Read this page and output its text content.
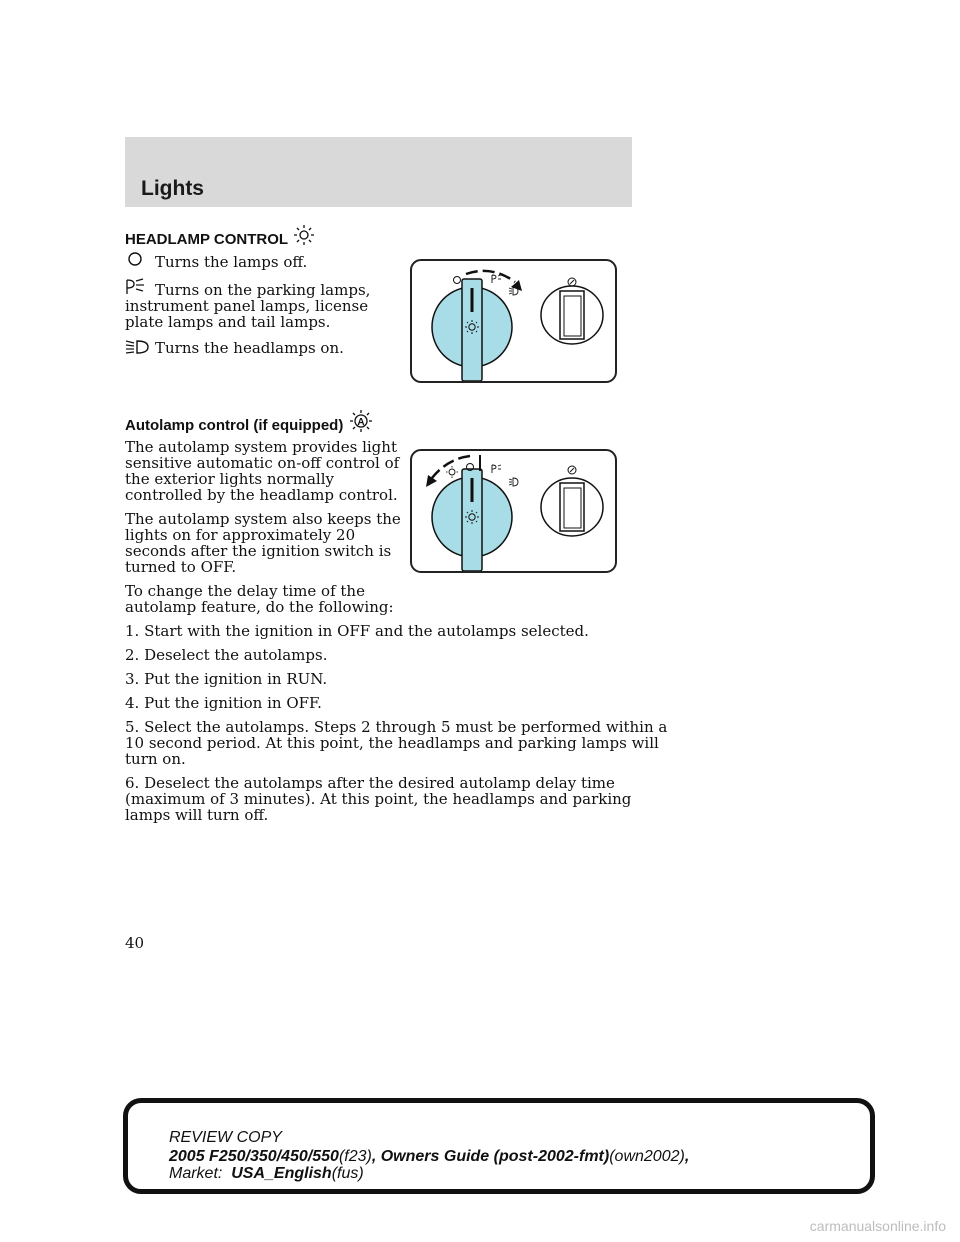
Lights
HEADLAMP CONTROL
Turns the lamps off.
Turns on the parking lamps,
instrument panel lamps, license
plate lamps and tail lamps.
Turns the headlamps on.
Autolamp control (if equipped) A
The autolamp system provides light
sensitive automatic on-off control of
the exterior lights normally
controlled by the headlamp control.
The autolamp system also keeps the
lights on for approximately 20
seconds after the ignition switch is
turned to OFF.
To change the delay time of the
autolamp feature, do the following:
1. Start with the ignition in OFF and the autolamps selected.
2. Deselect the autolamps.
3. Put the ignition in RUN.
4. Put the ignition in OFF.
5. Select the autolamps. Steps 2 through 5 must be performed within a
10 second period. At this point, the headlamps and parking lamps will
turn on.
6. Deselect the autolamps after the desired autolamp delay time
(maximum of 3 minutes). At this point, the headlamps and parking
lamps will turn off.
40
REVIEW COPY
2005 F250/350/450/550(f23), Owners Guide (post-2002-fmt)(own2002),
Market:  USA_English(fus)
carmanualsonline.info
